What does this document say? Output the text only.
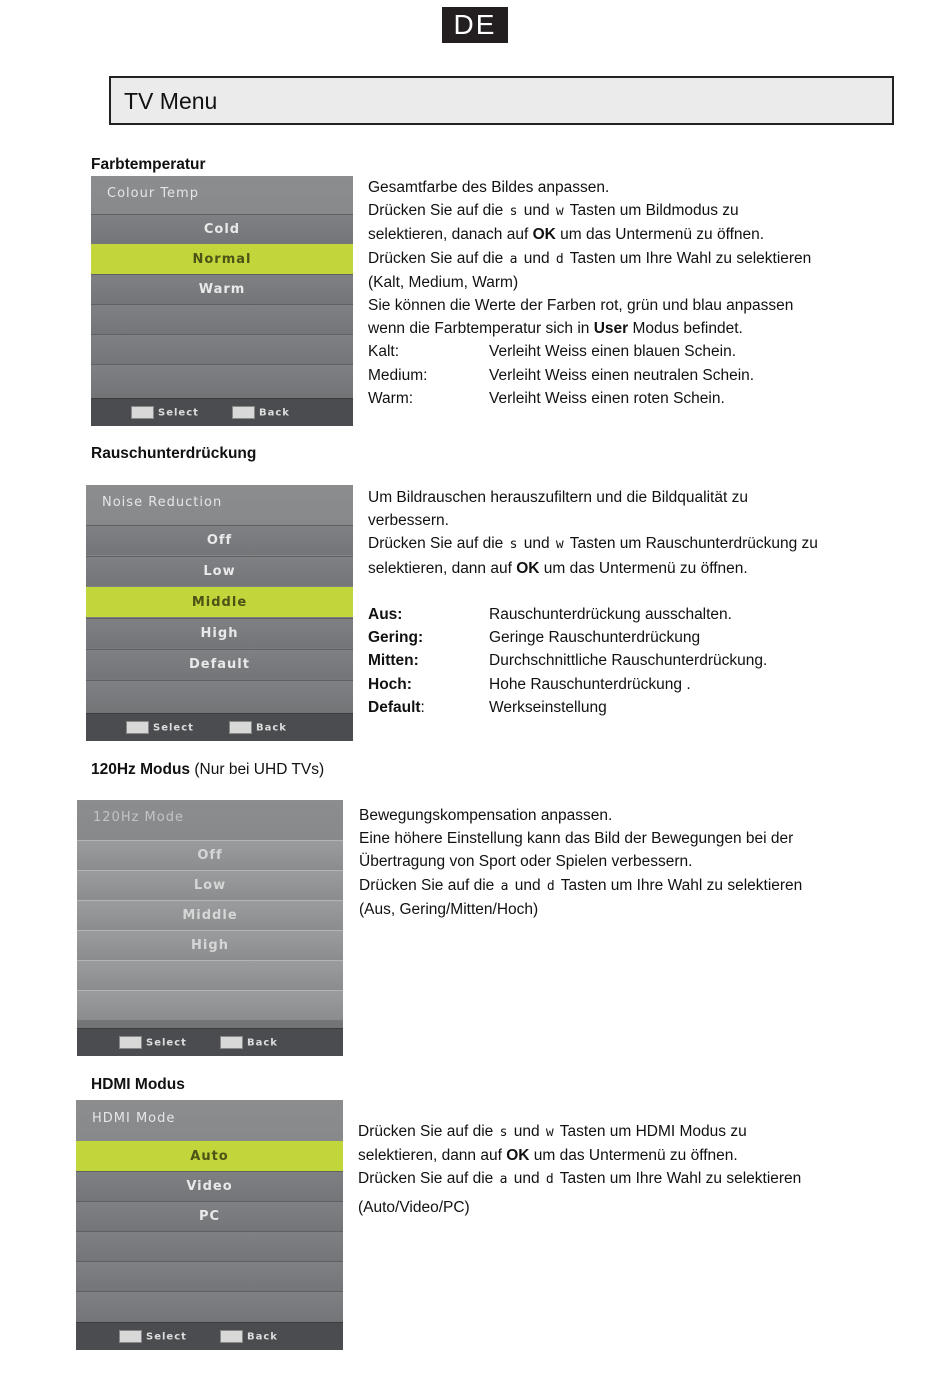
DE
TV Menu
Farbtemperatur
Colour Temp
Cold
Normal
Warm
Select	Back

Gesamtfarbe des Bildes anpassen.

Drücken Sie auf die s und w Tasten um Bildmodus zu

selektieren, danach auf OK um das Untermenü zu öffnen.

Drücken Sie auf die a und d Tasten um Ihre Wahl zu selektieren

(Kalt, Medium, Warm)

Sie können die Werte der Farben rot, grün und blau anpassen

wenn die Farbtemperatur sich in User Modus befindet.

Kalt:	Verleiht Weiss einen blauen Schein.

Medium:	Verleiht Weiss einen neutralen Schein.

Warm:	Verleiht Weiss einen roten Schein.

Rauschunterdrückung
Noise Reduction
Off
Low
Middle
High
Default
Select	Back

Um Bildrauschen herauszufiltern und die Bildqualität zu

verbessern.

Drücken Sie auf die s und w Tasten um Rauschunterdrückung zu

selektieren, dann auf OK um das Untermenü zu öffnen.

Aus:	Rauschunterdrückung ausschalten.

Gering:	Geringe Rauschunterdrückung

Mitten:	Durchschnittliche Rauschunterdrückung.

Hoch:	Hohe Rauschunterdrückung .

Default:	Werkseinstellung

120Hz Modus (Nur bei UHD TVs)
120Hz Mode
Off
Low
Middle
High
Select	Back

Bewegungskompensation anpassen.

Eine höhere Einstellung kann das Bild der Bewegungen bei der

Übertragung von Sport oder Spielen verbessern.

Drücken Sie auf die a und d Tasten um Ihre Wahl zu selektieren

(Aus, Gering/Mitten/Hoch)

HDMI Modus
HDMI Mode
Auto
Video
PC
Select	Back

Drücken Sie auf die s und w Tasten um HDMI Modus zu

selektieren, dann auf OK um das Untermenü zu öffnen.

Drücken Sie auf die a und d Tasten um Ihre Wahl zu selektieren

(Auto/Video/PC)
